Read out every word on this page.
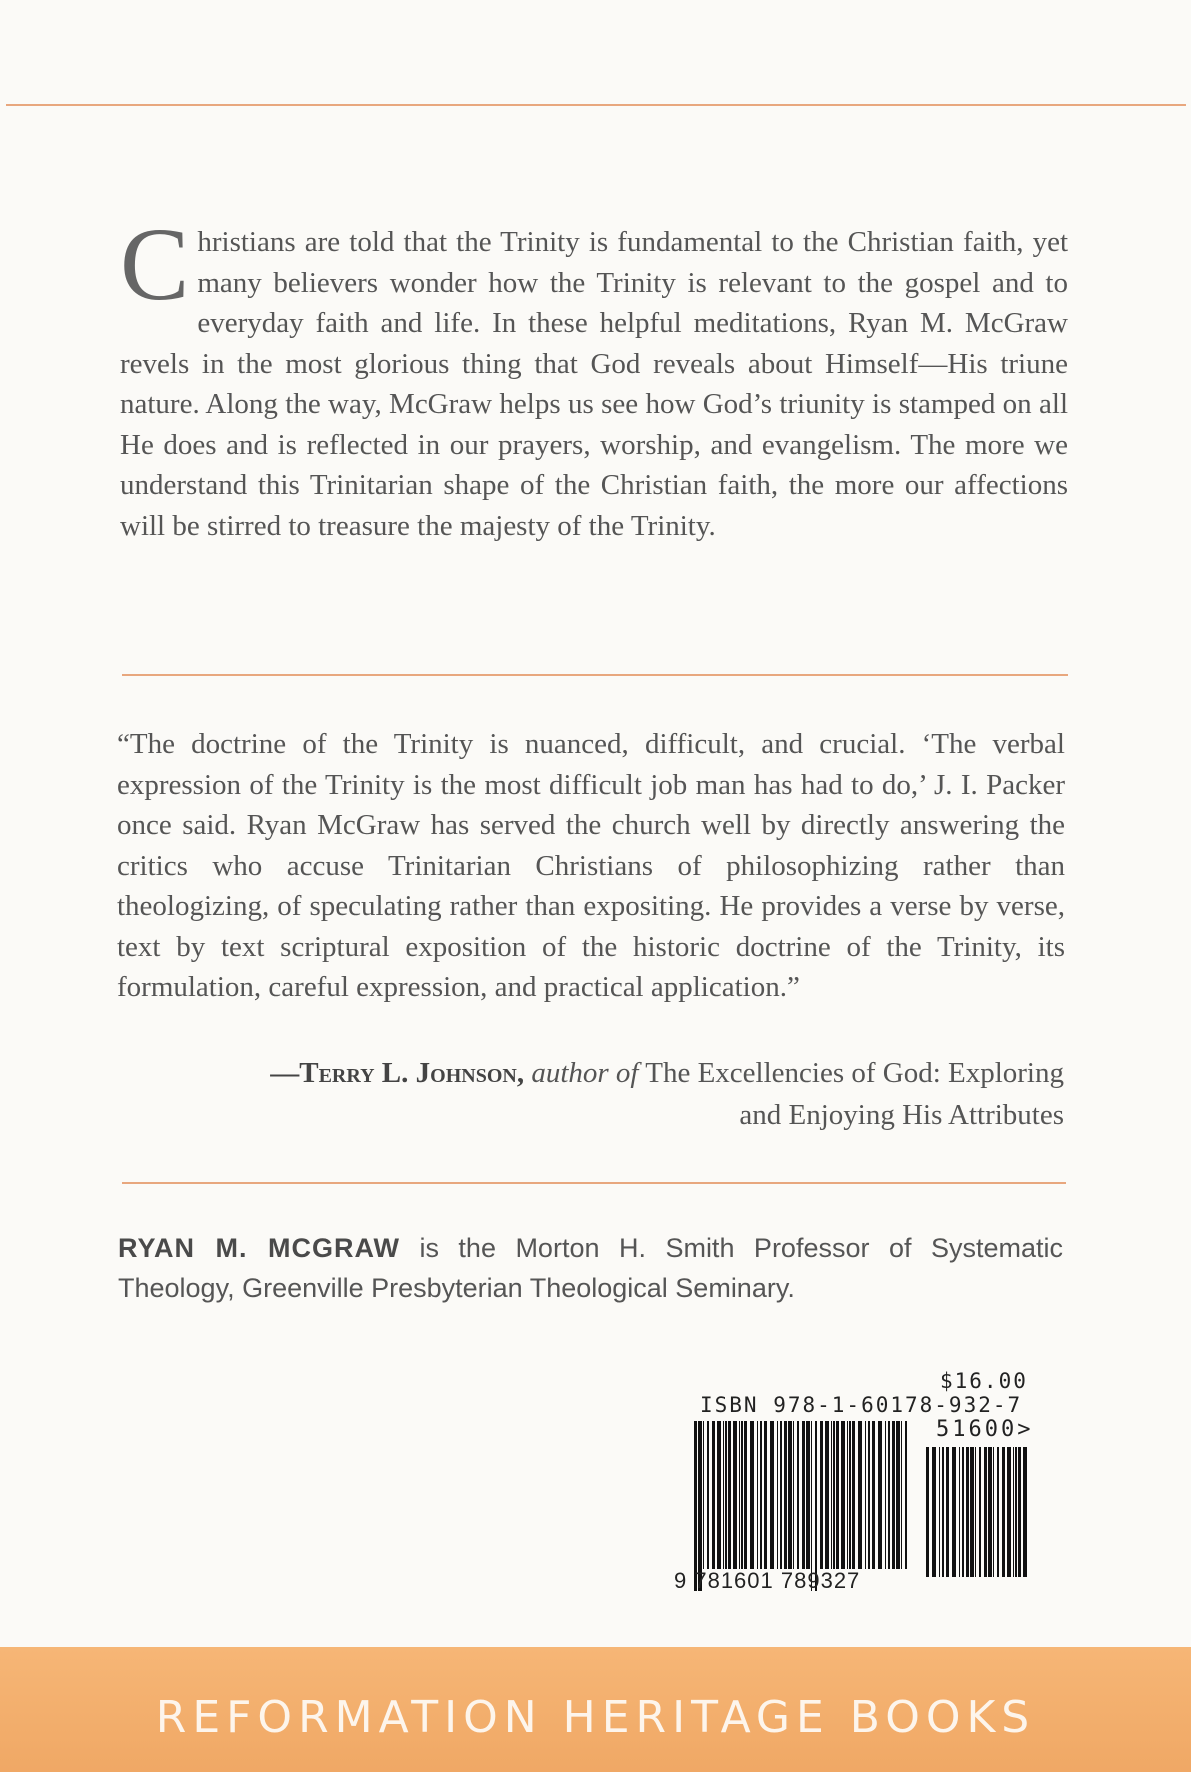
Christians are told that the Trinity is fundamental to the Christian faith, yet many believers wonder how the Trinity is relevant to the gospel and to everyday faith and life. In these helpful meditations, Ryan M. McGraw revels in the most glorious thing that God reveals about Himself—His triune nature. Along the way, McGraw helps us see how God’s triunity is stamped on all He does and is reflected in our prayers, worship, and evangelism. The more we understand this Trinitarian shape of the Christian faith, the more our affections will be stirred to treasure the majesty of the Trinity.
“The doctrine of the Trinity is nuanced, difficult, and crucial. ‘The verbal expression of the Trinity is the most difficult job man has had to do,’ J. I. Packer once said. Ryan McGraw has served the church well by directly answering the critics who accuse Trinitarian Christians of philosophizing rather than theologizing, of speculating rather than expositing. He provides a verse by verse, text by text scriptural exposition of the historic doctrine of the Trinity, its formulation, careful expression, and practical application.”
—Terry L. Johnson, author of The Excellencies of God: Exploring and Enjoying His Attributes
RYAN M. MCGRAW is the Morton H. Smith Professor of Systematic Theology, Greenville Presbyterian Theological Seminary.
$16.00
ISBN 978-1-60178-932-7
51600>
9 781601 789327
REFORMATION HERITAGE BOOKS
